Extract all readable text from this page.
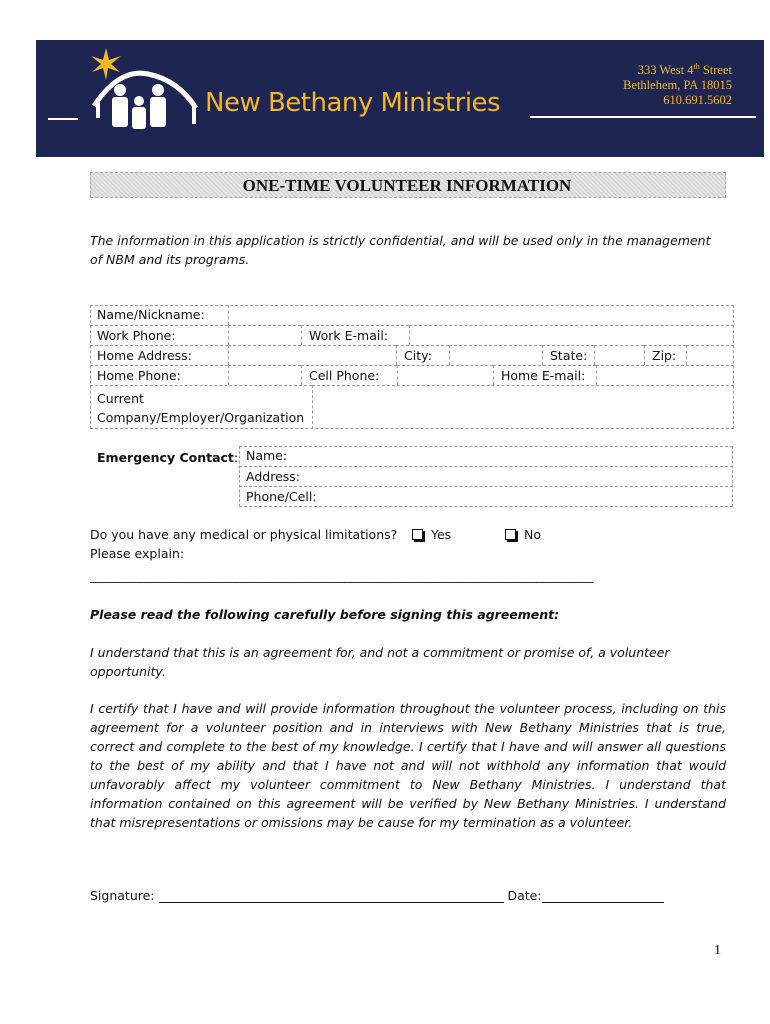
New Bethany Ministries
333 West 4th Street
Bethlehem, PA 18015
610.691.5602
ONE-TIME VOLUNTEER INFORMATION
The information in this application is strictly confidential, and will be used only in the management of NBM and its programs.
Name/Nickname:
Work Phone:	Work E-mail:
Home Address:	City:	State:	Zip:
Home Phone:	Cell Phone:	Home E-mail:
Current
Company/Employer/Organization
Emergency Contact: Name:
Address:
Phone/Cell:
Do you have any medical or physical limitations?	Yes	No
Please explain:
_________________________________________________________________________________________
Please read the following carefully before signing this agreement:
I understand that this is an agreement for, and not a commitment or promise of, a volunteer opportunity.
I certify that I have and will provide information throughout the volunteer process, including on this agreement for a volunteer position and in interviews with New Bethany Ministries that is true, correct and complete to the best of my knowledge. I certify that I have and will answer all questions to the best of my ability and that I have not and will not withhold any information that would unfavorably affect my volunteer commitment to New Bethany Ministries. I understand that information contained on this agreement will be verified by New Bethany Ministries. I understand that misrepresentations or omissions may be cause for my termination as a volunteer.
Signature:	Date:
1
